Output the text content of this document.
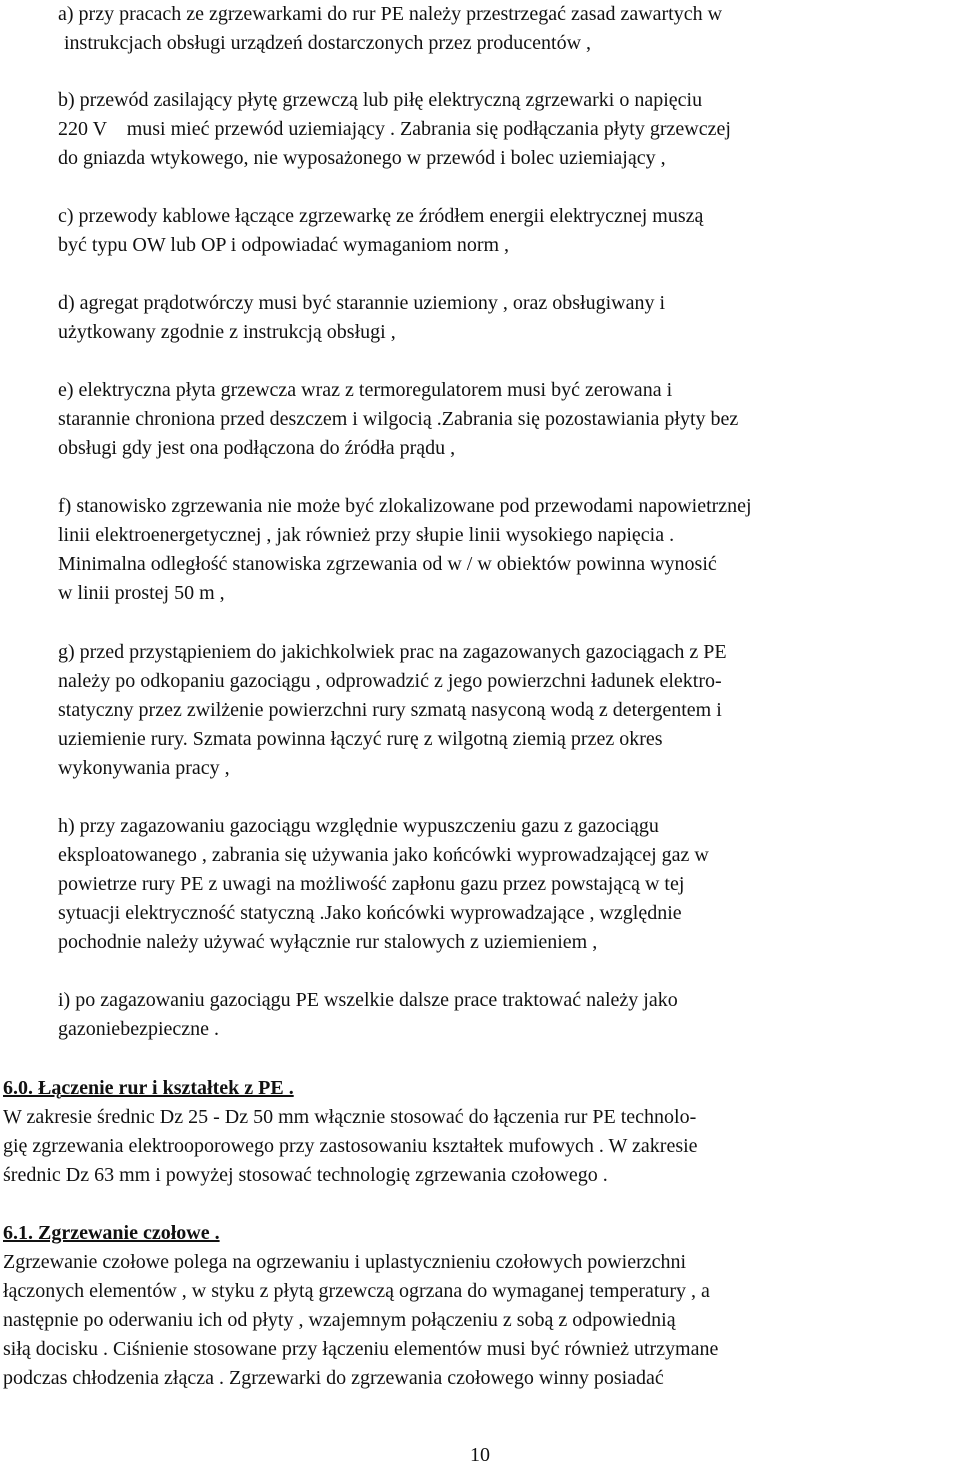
a) przy pracach ze zgrzewarkami do rur PE należy przestrzegać zasad zawartych w
instrukcjach obsługi urządzeń dostarczonych przez producentów ,
b) przewód zasilający płytę grzewczą lub piłę elektryczną zgrzewarki o napięciu
220 V    musi mieć przewód uziemiający . Zabrania się podłączania płyty grzewczej
do gniazda wtykowego, nie wyposażonego w przewód i bolec uziemiający ,
c) przewody kablowe łączące zgrzewarkę ze źródłem energii elektrycznej muszą
być typu OW lub OP i odpowiadać wymaganiom norm ,
d) agregat prądotwórczy musi być starannie uziemiony , oraz obsługiwany i
użytkowany zgodnie z instrukcją obsługi ,
e) elektryczna płyta grzewcza wraz z termoregulatorem musi być zerowana i
starannie chroniona przed deszczem i wilgocią .Zabrania się pozostawiania płyty bez
obsługi gdy jest ona podłączona do źródła prądu ,
f) stanowisko zgrzewania nie może być zlokalizowane pod przewodami napowietrznej
linii elektroenergetycznej , jak również przy słupie linii wysokiego napięcia .
Minimalna odległość stanowiska zgrzewania od w / w obiektów powinna wynosić
w linii prostej 50 m ,
g) przed przystąpieniem do jakichkolwiek prac na zagazowanych gazociągach z PE
należy po odkopaniu gazociągu , odprowadzić z jego powierzchni ładunek elektro-
statyczny przez zwilżenie powierzchni rury szmatą nasyconą wodą z detergentem i
uziemienie rury. Szmata powinna łączyć rurę z wilgotną ziemią przez okres
wykonywania pracy ,
h) przy zagazowaniu gazociągu względnie wypuszczeniu gazu z gazociągu
eksploatowanego , zabrania się używania jako końcówki wyprowadzającej gaz w
powietrze rury PE z uwagi na możliwość zapłonu gazu przez powstającą w tej
sytuacji elektryczność statyczną .Jako końcówki wyprowadzające , względnie
pochodnie należy używać wyłącznie rur stalowych z uziemieniem ,
i) po zagazowaniu gazociągu PE wszelkie dalsze prace traktować należy jako
gazoniebezpieczne .
6.0. Łączenie rur i kształtek z PE .
W zakresie średnic Dz 25 - Dz 50 mm włącznie stosować do łączenia rur PE technolo-
gię zgrzewania elektrooporowego przy zastosowaniu kształtek mufowych . W zakresie
średnic Dz 63 mm i powyżej stosować technologię zgrzewania czołowego .
6.1. Zgrzewanie czołowe .
Zgrzewanie czołowe polega na ogrzewaniu i uplastycznieniu czołowych powierzchni
łączonych elementów , w styku z płytą grzewczą ogrzana do wymaganej temperatury , a
następnie po oderwaniu ich od płyty , wzajemnym połączeniu z sobą z odpowiednią
siłą docisku . Ciśnienie stosowane przy łączeniu elementów musi być również utrzymane
podczas chłodzenia złącza . Zgrzewarki do zgrzewania czołowego winny posiadać
10
